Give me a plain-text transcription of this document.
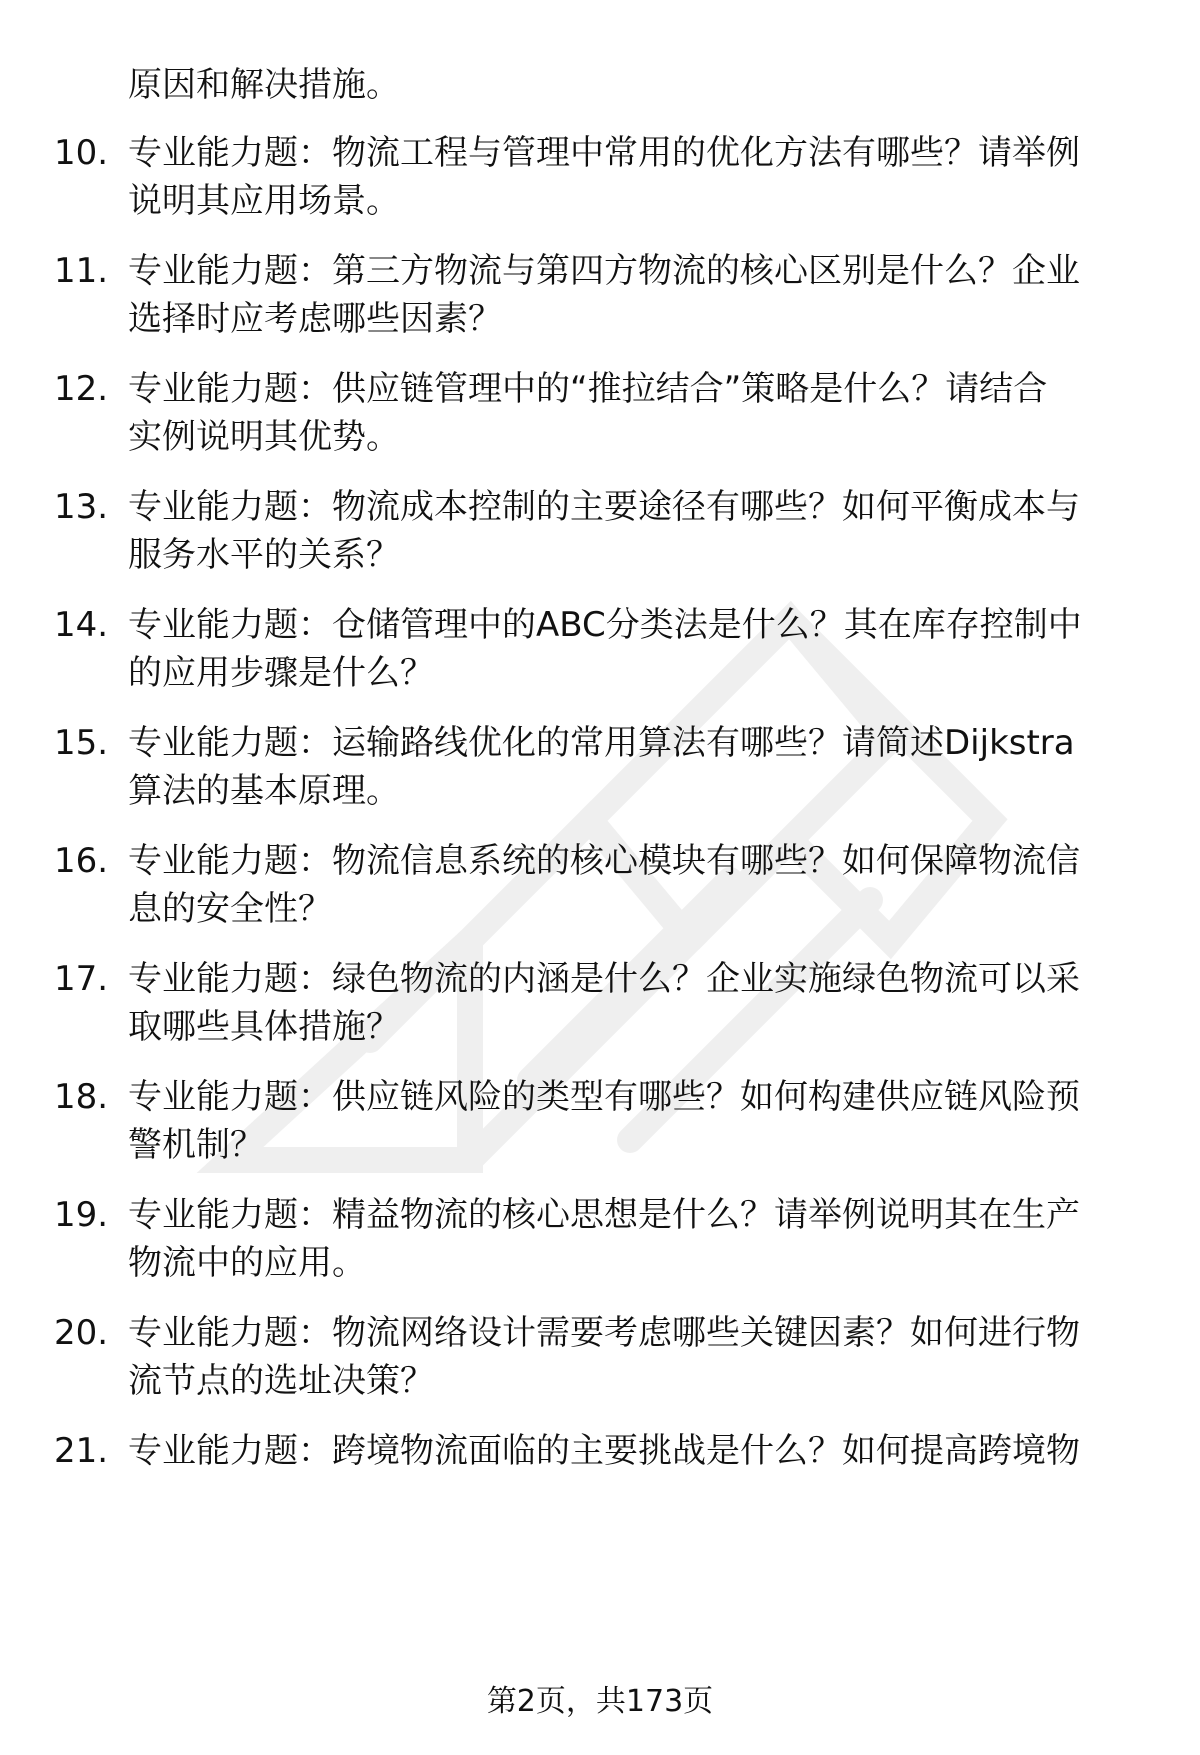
原因和解决措施。
10. 专业能力题：物流工程与管理中常用的优化方法有哪些？请举例
说明其应用场景。
11. 专业能力题：第三方物流与第四方物流的核心区别是什么？企业
选择时应考虑哪些因素？
12. 专业能力题：供应链管理中的“推拉结合”策略是什么？请结合
实例说明其优势。
13. 专业能力题：物流成本控制的主要途径有哪些？如何平衡成本与
服务水平的关系？
14. 专业能力题：仓储管理中的ABC分类法是什么？其在库存控制中
的应用步骤是什么？
15. 专业能力题：运输路线优化的常用算法有哪些？请简述Dijkstra
算法的基本原理。
16. 专业能力题：物流信息系统的核心模块有哪些？如何保障物流信
息的安全性？
17. 专业能力题：绿色物流的内涵是什么？企业实施绿色物流可以采
取哪些具体措施？
18. 专业能力题：供应链风险的类型有哪些？如何构建供应链风险预
警机制？
19. 专业能力题：精益物流的核心思想是什么？请举例说明其在生产
物流中的应用。
20. 专业能力题：物流网络设计需要考虑哪些关键因素？如何进行物
流节点的选址决策？
21. 专业能力题：跨境物流面临的主要挑战是什么？如何提高跨境物
第2页，共173页
